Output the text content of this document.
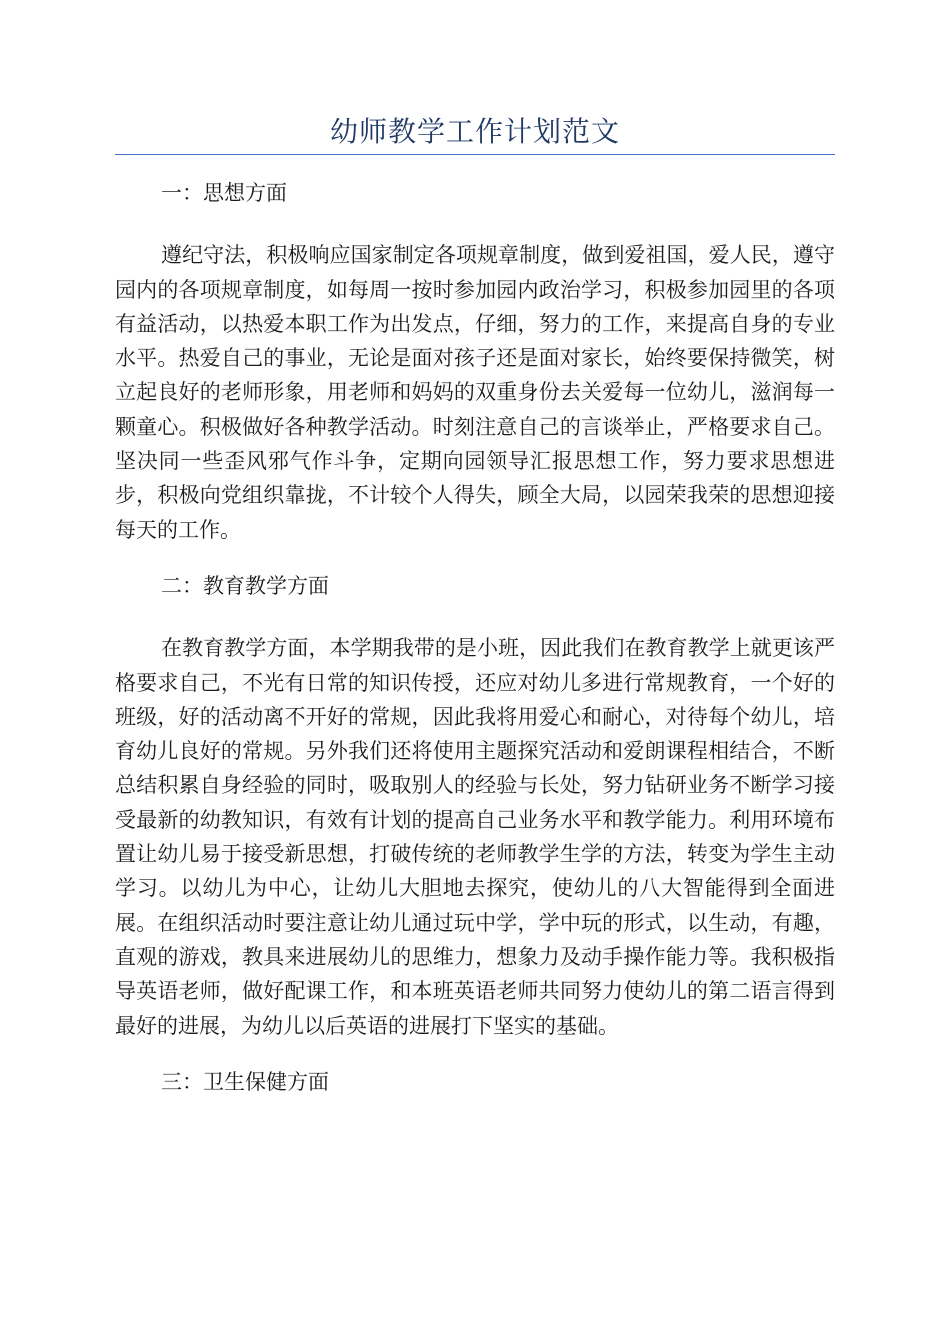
幼师教学工作计划范文

一：思想方面

遵纪守法，积极响应国家制定各项规章制度，做到爱祖国，爱人民，遵守园内的各项规章制度，如每周一按时参加园内政治学习，积极参加园里的各项有益活动，以热爱本职工作为出发点，仔细，努力的工作，来提高自身的专业水平。热爱自己的事业，无论是面对孩子还是面对家长，始终要保持微笑，树立起良好的老师形象，用老师和妈妈的双重身份去关爱每一位幼儿，滋润每一颗童心。积极做好各种教学活动。时刻注意自己的言谈举止，严格要求自己。坚决同一些歪风邪气作斗争，定期向园领导汇报思想工作，努力要求思想进步，积极向党组织靠拢，不计较个人得失，顾全大局，以园荣我荣的思想迎接每天的工作。

二：教育教学方面

在教育教学方面，本学期我带的是小班，因此我们在教育教学上就更该严格要求自己，不光有日常的知识传授，还应对幼儿多进行常规教育，一个好的班级，好的活动离不开好的常规，因此我将用爱心和耐心，对待每个幼儿，培育幼儿良好的常规。另外我们还将使用主题探究活动和爱朗课程相结合，不断总结积累自身经验的同时，吸取别人的经验与长处，努力钻研业务不断学习接受最新的幼教知识，有效有计划的提高自己业务水平和教学能力。利用环境布置让幼儿易于接受新思想，打破传统的老师教学生学的方法，转变为学生主动学习。以幼儿为中心，让幼儿大胆地去探究，使幼儿的八大智能得到全面进展。在组织活动时要注意让幼儿通过玩中学，学中玩的形式，以生动，有趣，直观的游戏，教具来进展幼儿的思维力，想象力及动手操作能力等。我积极指导英语老师，做好配课工作，和本班英语老师共同努力使幼儿的第二语言得到最好的进展，为幼儿以后英语的进展打下坚实的基础。

三：卫生保健方面
